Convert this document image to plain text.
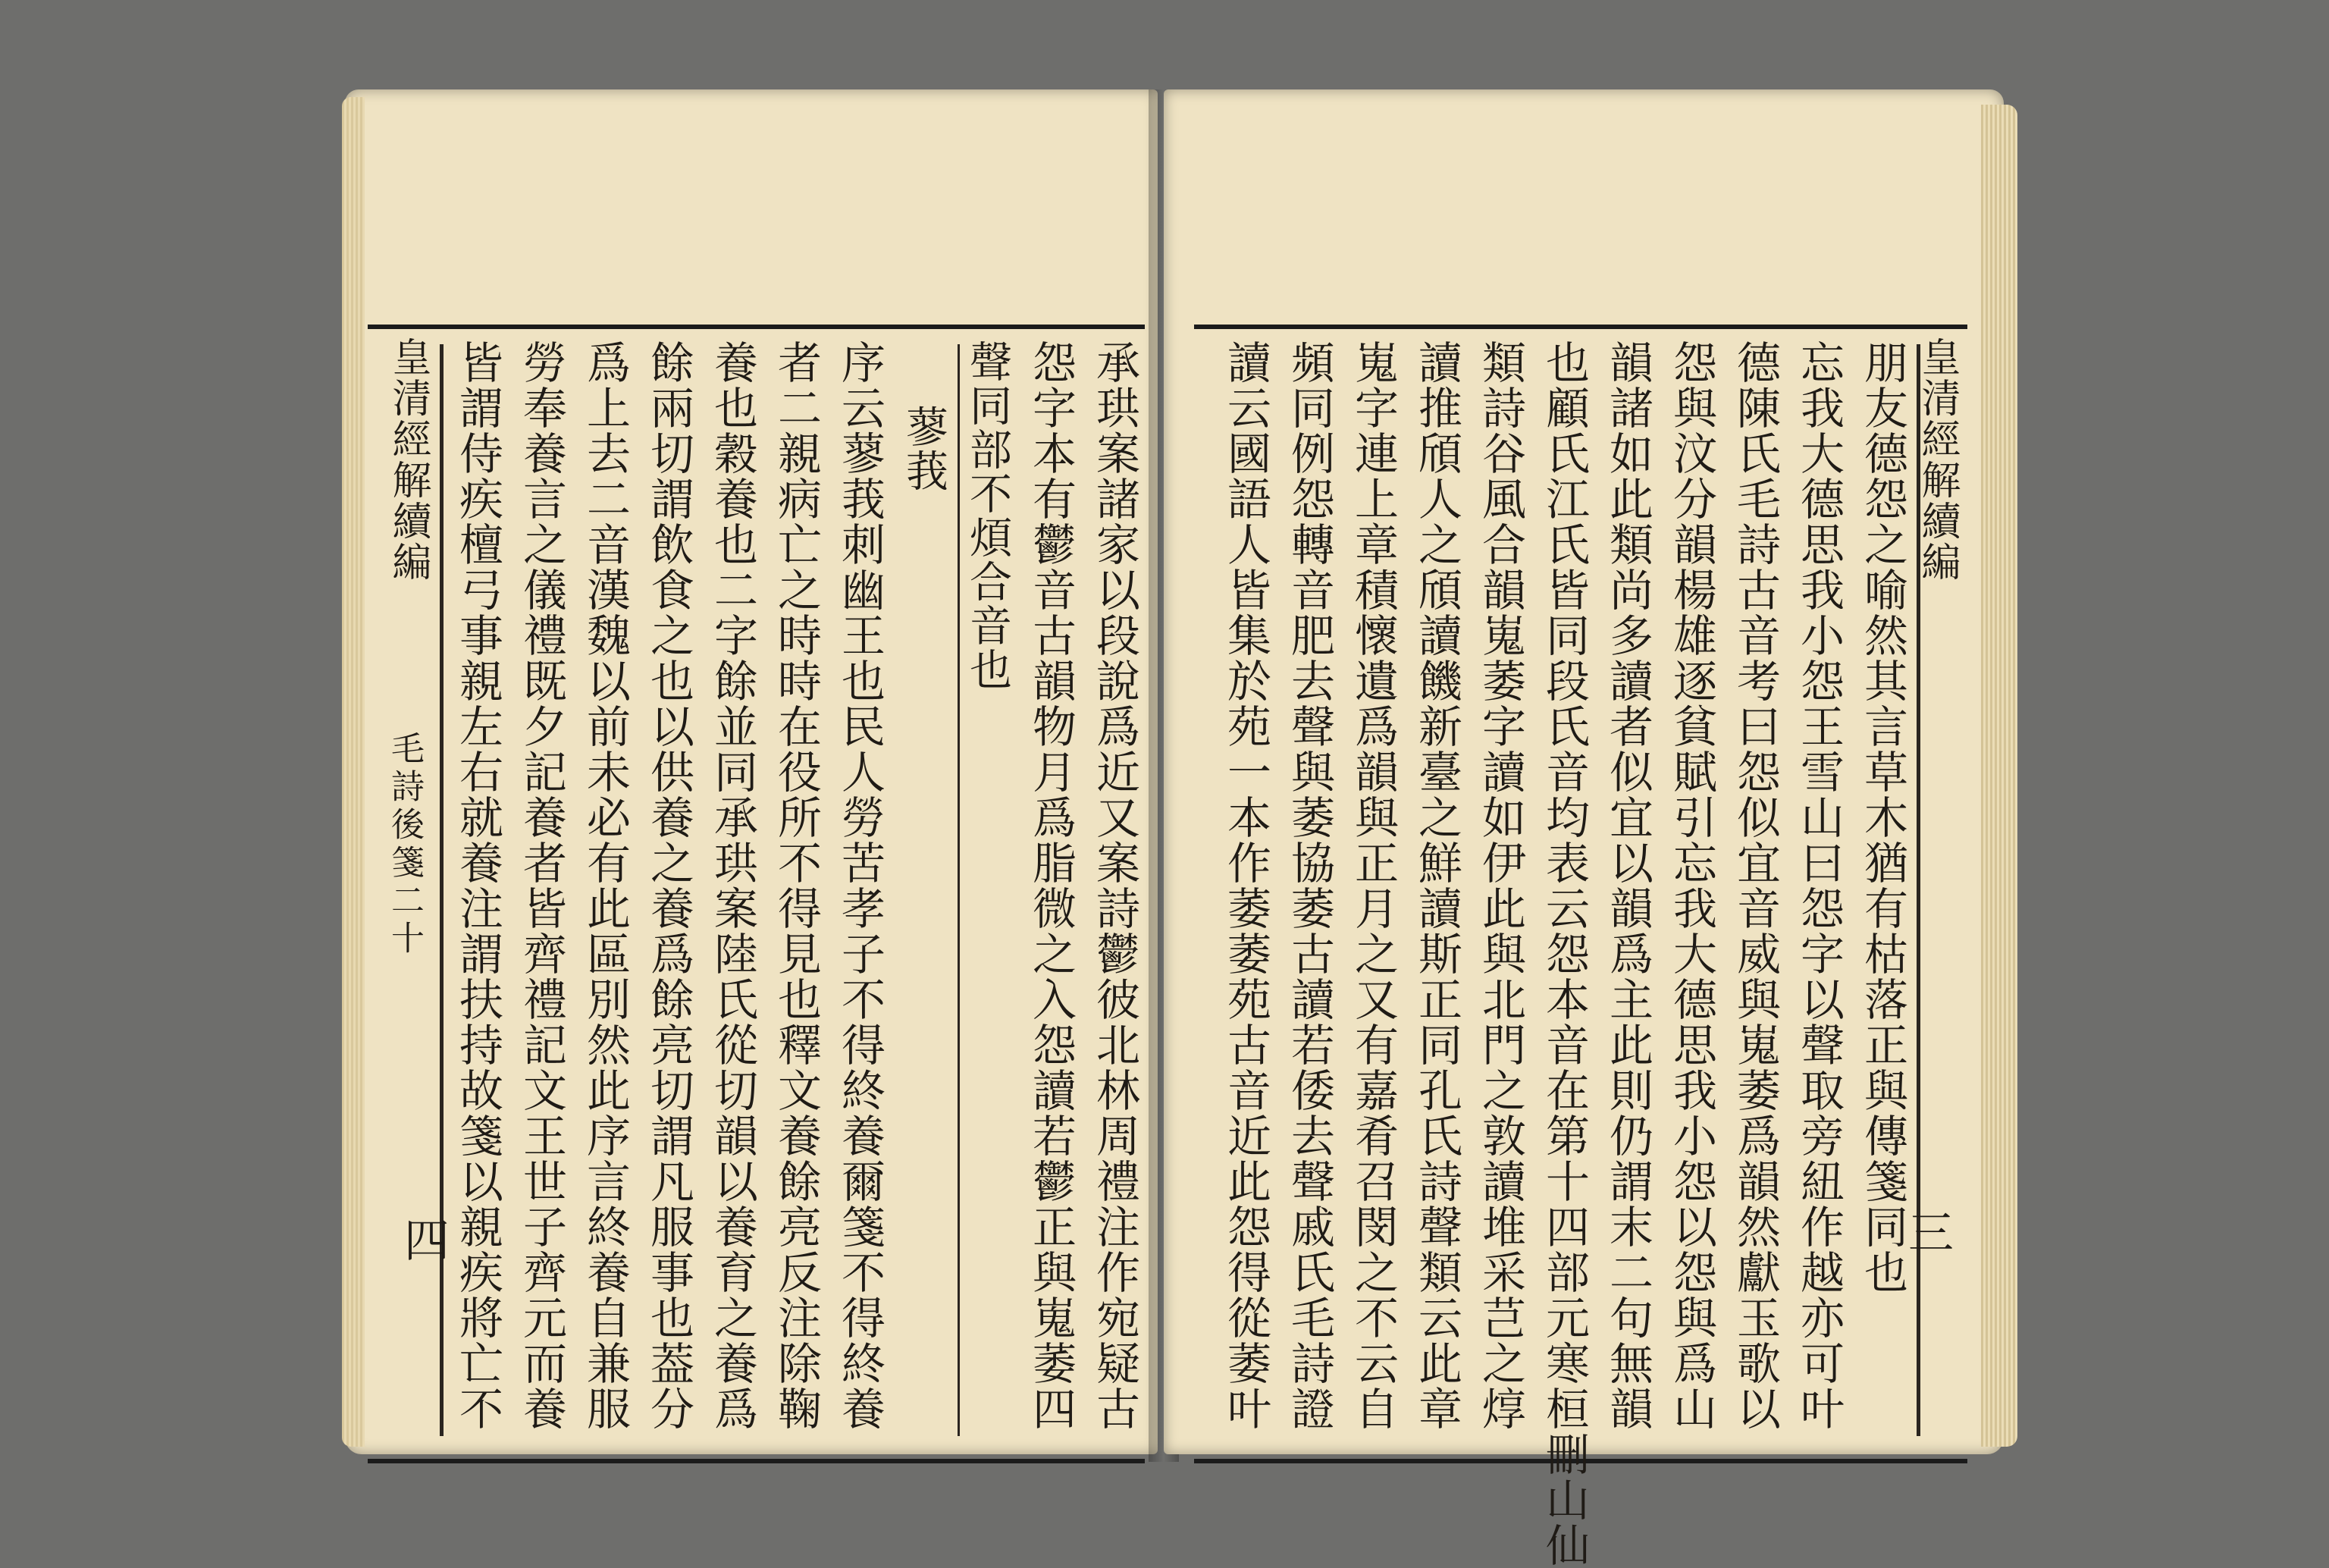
承珙案諸家以段說爲近又案詩鬱彼北林周禮注作宛疑古
怨字本有鬱音古韻物月爲脂微之入怨讀若鬱正與嵬萎四
聲同部不煩合音也
蓼莪
序云蓼莪刺幽王也民人勞苦孝子不得終養爾箋不得終養
者二親病亡之時時在役所不得見也釋文養餘亮反注除鞠
養也穀養也二字餘並同承珙案陸氏從切韻以養育之養爲
餘兩切謂飲食之也以供養之養爲餘亮切謂凡服事也葢分
爲上去二音漢魏以前未必有此區別然此序言終養自兼服
勞奉養言之儀禮既夕記養者皆齊禮記文王世子齊元而養
皆謂侍疾檀弓事親左右就養注謂扶持故箋以親疾將亡不
皇清經解續編
毛詩後箋二十
四	朋友德怨之喻然其言草木猶有枯落正與傳箋同也
忘我大德思我小怨王雪山曰怨字以聲取旁紐作越亦可叶
德陳氏毛詩古音考曰怨似宜音威與嵬萎爲韻然獻玉歌以
怨與汶分韻楊雄逐貧賦引忘我大德思我小怨以怨與爲山
韻諸如此類尚多讀者似宜以韻爲主此則仍謂末二句無韻
也顧氏江氏皆同段氏音均表云怨本音在第十四部元寒桓刪山仙
類詩谷風合韻嵬萎字讀如伊此與北門之敦讀堆采芑之焞
讀推頎人之頎讀饑新臺之鮮讀斯正同孔氏詩聲類云此章
嵬字連上章積懷遺爲韻與正月之又有嘉肴召閔之不云自
頻同例怨轉音肥去聲與萎協萎古讀若倭去聲戚氏毛詩證
讀云國語人皆集於苑一本作萎萎苑古音近此怨得從萎叶	皇清經解續編
三
